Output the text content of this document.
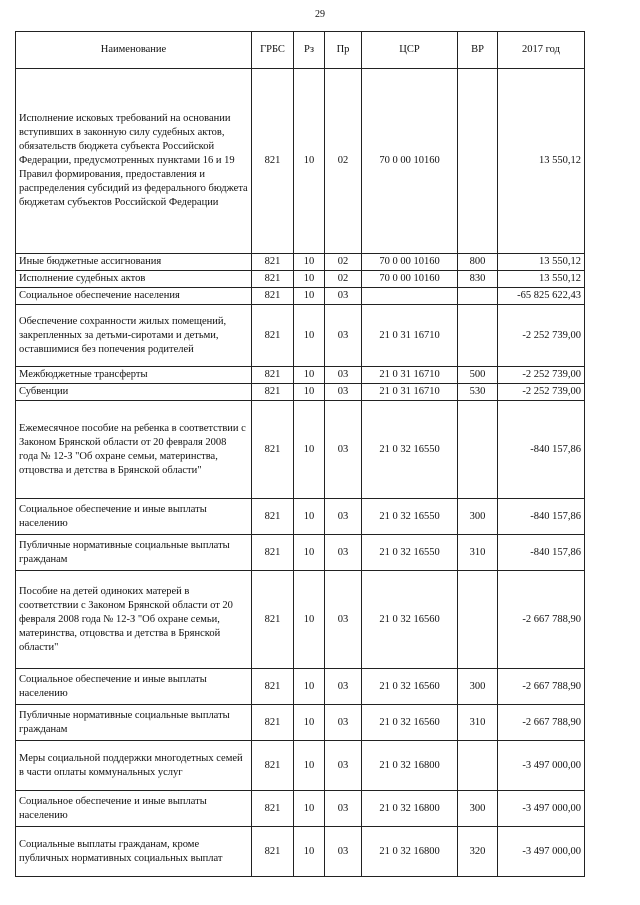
29
Наименование	ГРБС	Рз	Пр	ЦСР	ВР	2017 год
Исполнение исковых требований на основании вступивших в законную силу судебных актов, обязательств бюджета субъекта Российской Федерации, предусмотренных пунктами 16 и 19 Правил формирования, предоставления и распределения субсидий из федерального бюджета бюджетам субъектов Российской Федерации	821	10	02	70 0 00 10160		13 550,12
Иные бюджетные ассигнования	821	10	02	70 0 00 10160	800	13 550,12
Исполнение судебных актов	821	10	02	70 0 00 10160	830	13 550,12
Социальное обеспечение населения	821	10	03			-65 825 622,43
Обеспечение сохранности жилых помещений, закрепленных за детьми-сиротами и детьми, оставшимися без попечения родителей	821	10	03	21 0 31 16710		-2 252 739,00
Межбюджетные трансферты	821	10	03	21 0 31 16710	500	-2 252 739,00
Субвенции	821	10	03	21 0 31 16710	530	-2 252 739,00
Ежемесячное пособие на ребенка в соответствии с Законом Брянской области от 20 февраля 2008 года № 12-З "Об охране семьи, материнства, отцовства и детства в Брянской области"	821	10	03	21 0 32 16550		-840 157,86
Социальное обеспечение и иные выплаты населению	821	10	03	21 0 32 16550	300	-840 157,86
Публичные нормативные социальные выплаты гражданам	821	10	03	21 0 32 16550	310	-840 157,86
Пособие на детей одиноких матерей в соответствии с Законом Брянской области от 20 февраля 2008 года № 12-З "Об охране семьи, материнства, отцовства и детства в Брянской области"	821	10	03	21 0 32 16560		-2 667 788,90
Социальное обеспечение и иные выплаты населению	821	10	03	21 0 32 16560	300	-2 667 788,90
Публичные нормативные социальные выплаты гражданам	821	10	03	21 0 32 16560	310	-2 667 788,90
Меры социальной поддержки многодетных семей в части оплаты коммунальных услуг	821	10	03	21 0 32 16800		-3 497 000,00
Социальное обеспечение и иные выплаты населению	821	10	03	21 0 32 16800	300	-3 497 000,00
Социальные выплаты гражданам, кроме публичных нормативных социальных выплат	821	10	03	21 0 32 16800	320	-3 497 000,00
